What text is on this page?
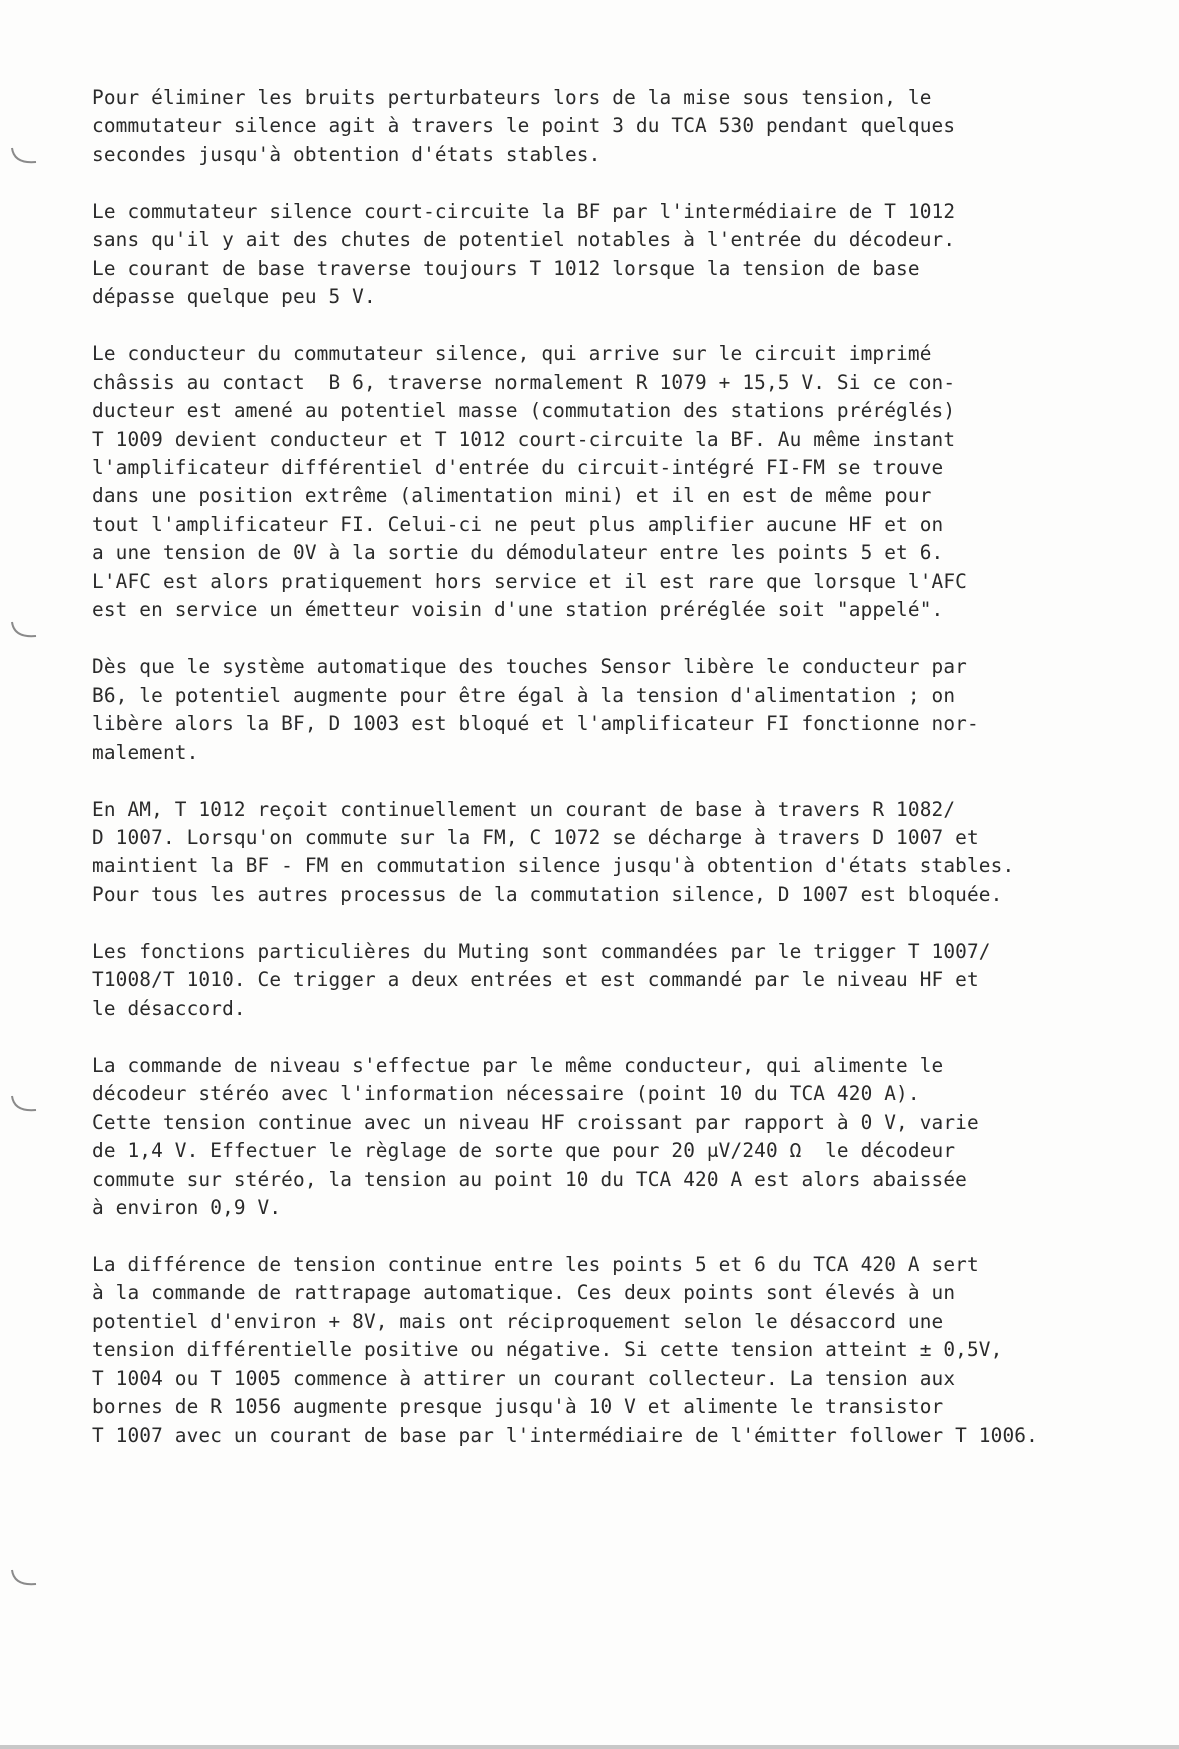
Pour éliminer les bruits perturbateurs lors de la mise sous tension, le
commutateur silence agit à travers le point 3 du TCA 530 pendant quelques
secondes jusqu'à obtention d'états stables.

Le commutateur silence court-circuite la BF par l'intermédiaire de T 1012
sans qu'il y ait des chutes de potentiel notables à l'entrée du décodeur.
Le courant de base traverse toujours T 1012 lorsque la tension de base
dépasse quelque peu 5 V.

Le conducteur du commutateur silence, qui arrive sur le circuit imprimé
châssis au contact  B 6, traverse normalement R 1079 + 15,5 V. Si ce con-
ducteur est amené au potentiel masse (commutation des stations préréglés)
T 1009 devient conducteur et T 1012 court-circuite la BF. Au même instant
l'amplificateur différentiel d'entrée du circuit-intégré FI-FM se trouve
dans une position extrême (alimentation mini) et il en est de même pour
tout l'amplificateur FI. Celui-ci ne peut plus amplifier aucune HF et on
a une tension de 0V à la sortie du démodulateur entre les points 5 et 6.
L'AFC est alors pratiquement hors service et il est rare que lorsque l'AFC
est en service un émetteur voisin d'une station préréglée soit "appelé".

Dès que le système automatique des touches Sensor libère le conducteur par
B6, le potentiel augmente pour être égal à la tension d'alimentation ; on
libère alors la BF, D 1003 est bloqué et l'amplificateur FI fonctionne nor-
malement.

En AM, T 1012 reçoit continuellement un courant de base à travers R 1082/
D 1007. Lorsqu'on commute sur la FM, C 1072 se décharge à travers D 1007 et
maintient la BF - FM en commutation silence jusqu'à obtention d'états stables.
Pour tous les autres processus de la commutation silence, D 1007 est bloquée.

Les fonctions particulières du Muting sont commandées par le trigger T 1007/
T1008/T 1010. Ce trigger a deux entrées et est commandé par le niveau HF et
le désaccord.

La commande de niveau s'effectue par le même conducteur, qui alimente le
décodeur stéréo avec l'information nécessaire (point 10 du TCA 420 A).
Cette tension continue avec un niveau HF croissant par rapport à 0 V, varie
de 1,4 V. Effectuer le règlage de sorte que pour 20 μV/240 Ω  le décodeur
commute sur stéréo, la tension au point 10 du TCA 420 A est alors abaissée
à environ 0,9 V.

La différence de tension continue entre les points 5 et 6 du TCA 420 A sert
à la commande de rattrapage automatique. Ces deux points sont élevés à un
potentiel d'environ + 8V, mais ont réciproquement selon le désaccord une
tension différentielle positive ou négative. Si cette tension atteint ± 0,5V,
T 1004 ou T 1005 commence à attirer un courant collecteur. La tension aux
bornes de R 1056 augmente presque jusqu'à 10 V et alimente le transistor
T 1007 avec un courant de base par l'intermédiaire de l'émitter follower T 1006.
